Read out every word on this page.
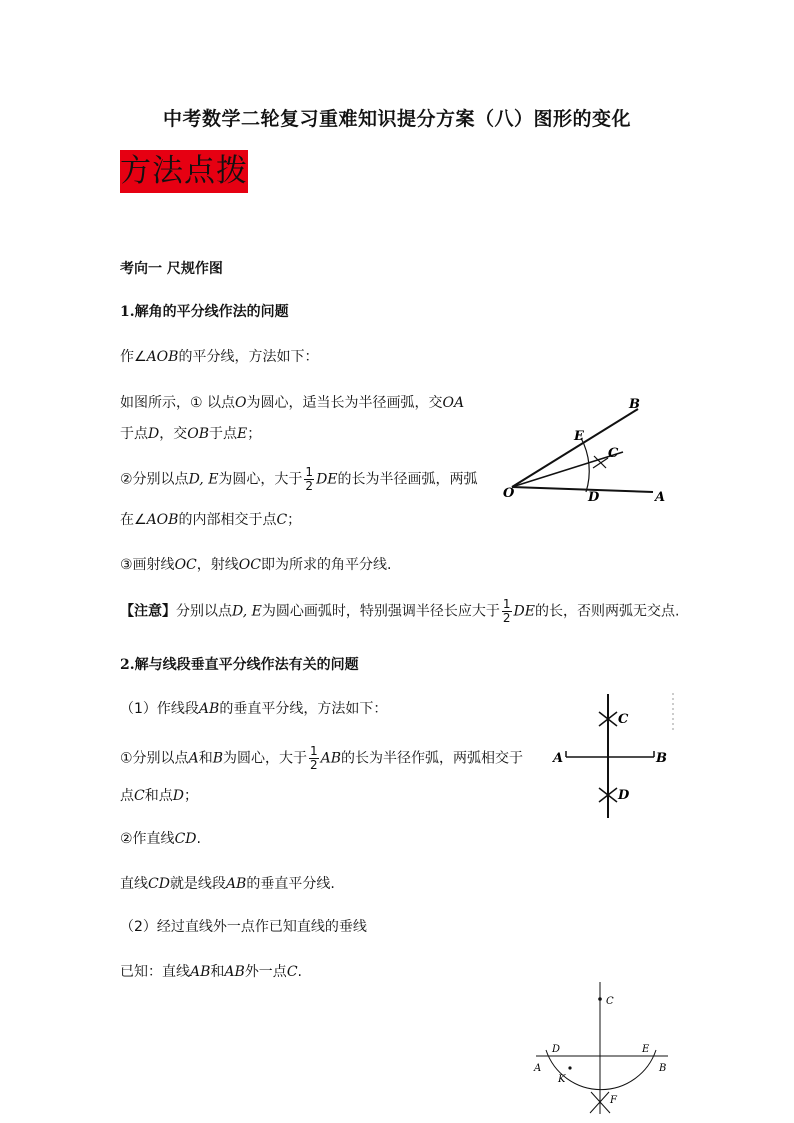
中考数学二轮复习重难知识提分方案（八）图形的变化
方法点拨
考向一 尺规作图
1.解角的平分线作法的问题
作∠AOB的平分线，方法如下：
如图所示，① 以点O为圆心，适当长为半径画弧，交OA
于点D，交OB于点E；
②分别以点D, E为圆心，大于 $\frac{1}{2}$ DE的长为半径画弧，两弧
在∠AOB的内部相交于点C；
③画射线OC，射线OC即为所求的角平分线.
【注意】分别以点D, E为圆心画弧时，特别强调半径长应大于 $\frac{1}{2}$ DE的长，否则两弧无交点.
2.解与线段垂直平分线作法有关的问题
（1）作线段AB的垂直平分线，方法如下：
①分别以点A和B为圆心，大于 $\frac{1}{2}$ AB的长为半径作弧，两弧相交于
点C和点D；
②作直线CD.
直线CD就是线段AB的垂直平分线.
（2）经过直线外一点作已知直线的垂线
已知：直线AB和AB外一点C.
O	A
B
C
D
E
A	B
C
D
C
D	E
A	B
K
F
